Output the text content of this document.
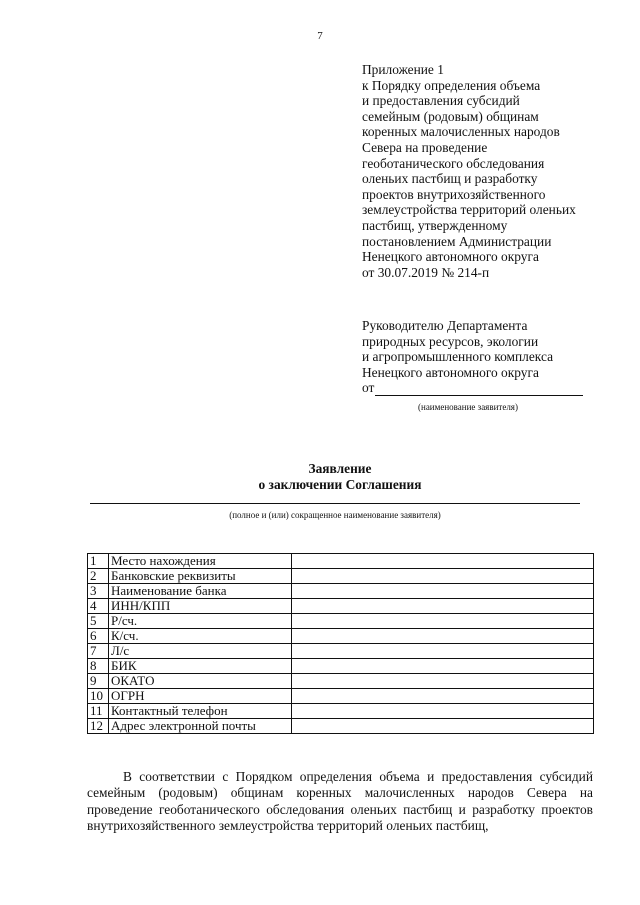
7
Приложение 1
к Порядку определения объема
и предоставления субсидий
семейным (родовым) общинам
коренных малочисленных народов
Севера на проведение
геоботанического обследования
оленьих пастбищ и разработку
проектов внутрихозяйственного
землеустройства территорий оленьих
пастбищ, утвержденному
постановлением Администрации
Ненецкого автономного округа
от 30.07.2019 № 214-п
Руководителю Департамента
природных ресурсов, экологии
и агропромышленного комплекса
Ненецкого автономного округа
от
(наименование заявителя)
Заявление
о заключении Соглашения
(полное и (или) сокращенное наименование заявителя)
1	Место нахождения	
2	Банковские реквизиты	
3	Наименование банка	
4	ИНН/КПП	
5	Р/сч.	
6	К/сч.	
7	Л/с	
8	БИК	
9	ОКАТО	
10	ОГРН	
11	Контактный телефон	
12	Адрес электронной почты	

В соответствии с Порядком определения объема и предоставления субсидий семейным (родовым) общинам коренных малочисленных народов Севера на проведение геоботанического обследования оленьих пастбищ и разработку проектов внутрихозяйственного землеустройства территорий оленьих пастбищ,
